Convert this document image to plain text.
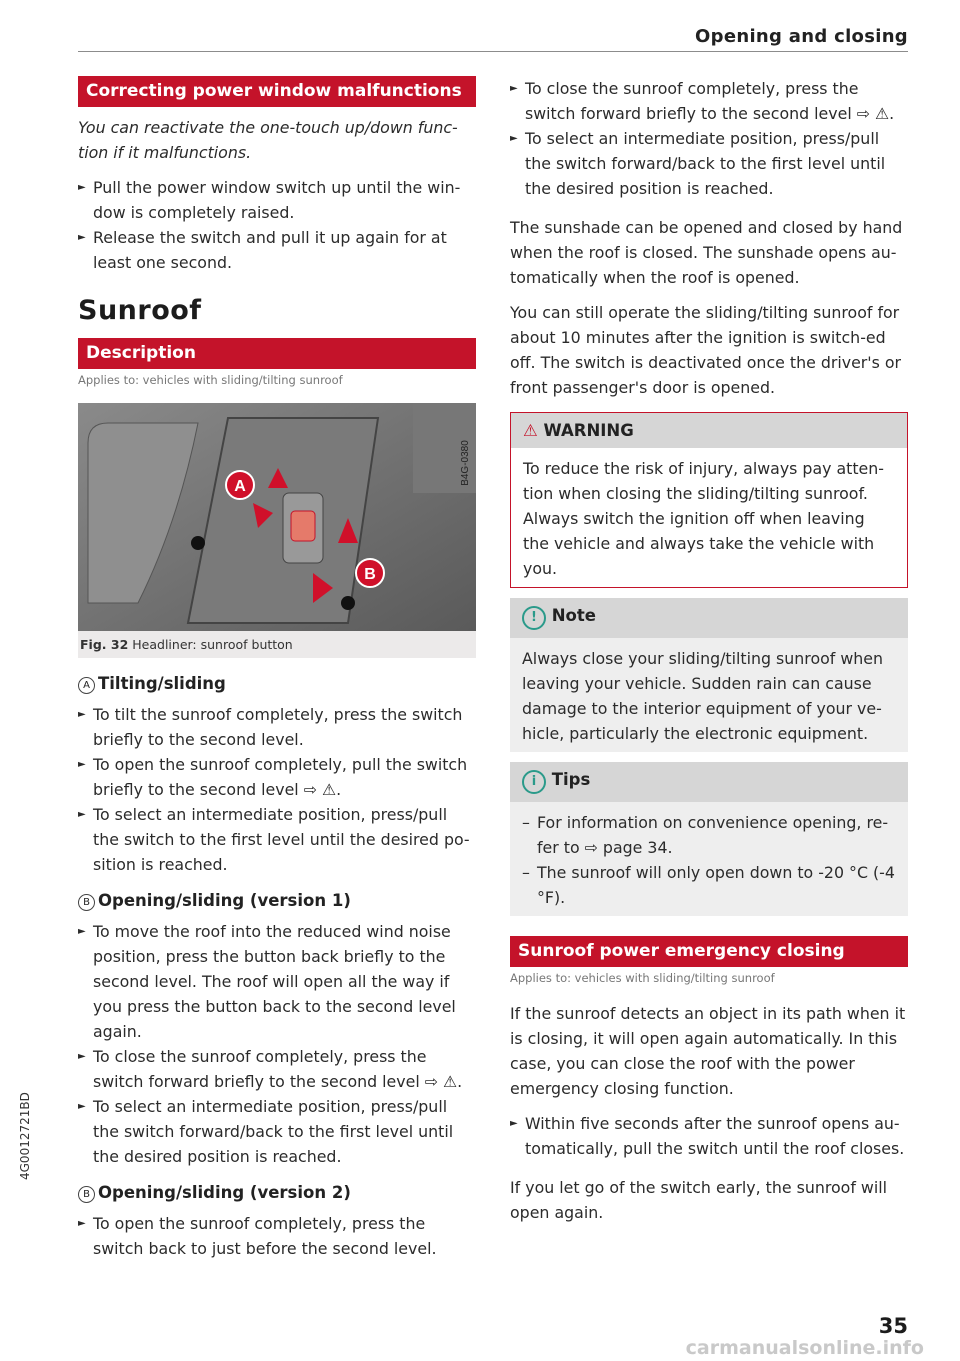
Opening and closing
Correcting power window malfunctions

You can reactivate the one-touch up/down func-tion if it malfunctions.

► Pull the power window switch up until the win-dow is completely raised.

► Release the switch and pull it up again for at least one second.

Sunroof
Description
Applies to: vehicles with sliding/tilting sunroof
A
B
B4G-0380
Fig. 32 Headliner: sunroof button
A Tilting/sliding

► To tilt the sunroof completely, press the switch briefly to the second level.

► To open the sunroof completely, pull the switch briefly to the second level ⇨ ⚠.

► To select an intermediate position, press/pull the switch to the first level until the desired po-sition is reached.

B Opening/sliding (version 1)

► To move the roof into the reduced wind noise position, press the button back briefly to the second level. The roof will open all the way if you press the button back to the second level again.

► To close the sunroof completely, press the switch forward briefly to the second level ⇨ ⚠.

► To select an intermediate position, press/pull the switch forward/back to the first level until the desired position is reached.

B Opening/sliding (version 2)

► To open the sunroof completely, press the switch back to just before the second level.

► To close the sunroof completely, press the switch forward briefly to the second level ⇨ ⚠.

► To select an intermediate position, press/pull the switch forward/back to the first level until the desired position is reached.

The sunshade can be opened and closed by hand when the roof is closed. The sunshade opens au-tomatically when the roof is opened.

You can still operate the sliding/tilting sunroof for about 10 minutes after the ignition is switch-ed off. The switch is deactivated once the driver's or front passenger's door is opened.

⚠ WARNING

To reduce the risk of injury, always pay atten-tion when closing the sliding/tilting sunroof. Always switch the ignition off when leaving the vehicle and always take the vehicle with you.

! Note

Always close your sliding/tilting sunroof when leaving your vehicle. Sudden rain can cause damage to the interior equipment of your ve-hicle, particularly the electronic equipment.

i Tips

– For information on convenience opening, re-fer to ⇨ page 34.

– The sunroof will only open down to -20 °C (-4 °F).

Sunroof power emergency closing
Applies to: vehicles with sliding/tilting sunroof

If the sunroof detects an object in its path when it is closing, it will open again automatically. In this case, you can close the roof with the power emergency closing function.

► Within five seconds after the sunroof opens au-tomatically, pull the switch until the roof closes.

If you let go of the switch early, the sunroof will open again.

4G0012721BD
35
carmanualsonline.info
